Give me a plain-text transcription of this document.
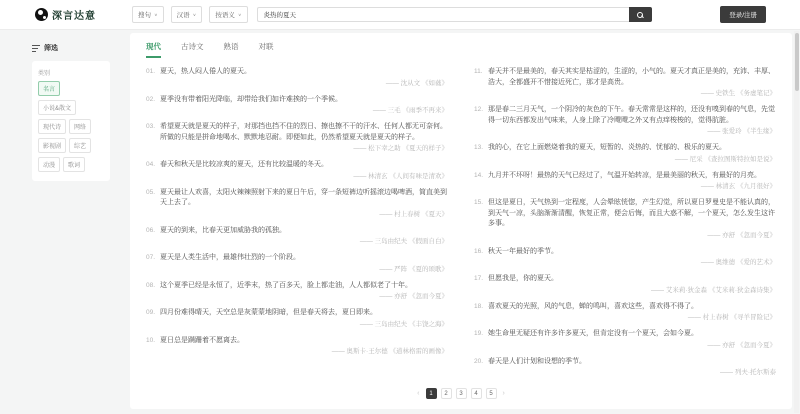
深言达意	搜句 ∨	汉语 ∨	按语义 ∨
炎热的夏天	登录/注册
筛选
类别
名言
小说&散文
现代诗	网络
影视剧	综艺
动漫	歌词
现代	古诗文	熟语	对联
01. 夏天，热人闷人倦人的夏天。
—— 沈从文 《如蕤》
02. 夏季没有带着阳光降临，却带给我们如许难挨的一个季候。
—— 三毛 《雨季不再来》
03. 希望夏天就是夏天的样子，对那挡也挡不住的烈日、擦也擦不干的汗水、任何人都无可奈何。所做的只能是拼命地喝水、默默地忍耐。即便如此，仍然希望夏天就是夏天的样子。
—— 松下幸之助 《夏天的样子》
04. 春天和秋天是比较凉爽的夏天，还有比较温暖的冬天。
—— 林清玄 《人间有味是清欢》
05. 夏天最让人欢喜，太阳火辣辣照射下来的夏日午后，穿一条短裤边听摇滚边喝啤酒，简直美到天上去了。
—— 村上春树 《夏天》
06. 夏天的到来，比春天更加威胁我的孤独。
—— 三岛由纪夫 《假面自白》
07. 夏天是人类生活中，最雄伟壮烈的一个阶段。
—— 严阵 《夏的颂歌》
08. 这个夏季已经是永恒了，近季末，热了百多天，脸上都走油，人人都似老了十年。
—— 亦舒 《忽而今夏》
09. 四月份难得晴天，天空总是灰蒙蒙地阴暗，但是春天将去，夏日即来。
—— 三岛由纪夫 《丰饶之海》
10. 夏日总是蹒跚着不愿离去。
—— 奥斯卡·王尔德 《道林格雷的画像》
11. 春天并不是最美的，春天其实是枯涩的，生涩的，小气的。夏天才真正是美的，充沛、丰厚、浩大，全都盛开不惜接近死亡，那才是高贵。
—— 史铁生 《务虚笔记》
12. 那是春二三月天气，一个阴冷的灰色的下午。春天常常是这样的，还没有嗅到春的气息，先觉得一切东西都发出气味来，人身上除了冷飕飕之外又有点痒梭梭的，觉得肮脏。
—— 张爱玲 《半生缘》
13. 我的心，在它上面燃烧着我的夏天，短暂的、炎热的、忧郁的、极乐的夏天。
—— 尼采 《查拉图斯特拉如是说》
14. 九月并不坏呀！最热的天气已经过了，气温开始转凉，是最美丽的秋天，有最好的月亮。
—— 林清玄 《九月很好》
15. 但这是夏日，天气热到一定程度，人会晕眩恍惚，产生幻觉，所以夏日罗曼史是不能认真的，到天气一凉，头脑渐渐清醒，恢复正常，便会后悔，而且大惑不解，一个夏天，怎么发生这许多事。
—— 亦舒 《忽而今夏》
16. 秋天一年最好的季节。
—— 奥维德 《爱的艺术》
17. 但愿我是，你的夏天。
—— 艾米莉·狄金森 《艾米莉·狄金森诗集》
18. 喜欢夏天的光照，风的气息，蝉的鸣叫，喜欢这些，喜欢得不得了。
—— 村上春树 《寻羊冒险记》
19. 她生命里无疑还有许多许多夏天，但肯定没有一个夏天，会如今夏。
—— 亦舒 《忽而今夏》
20. 春天是人们计划和设想的季节。
—— 列夫·托尔斯泰
‹	1	2	3	4	5	›
